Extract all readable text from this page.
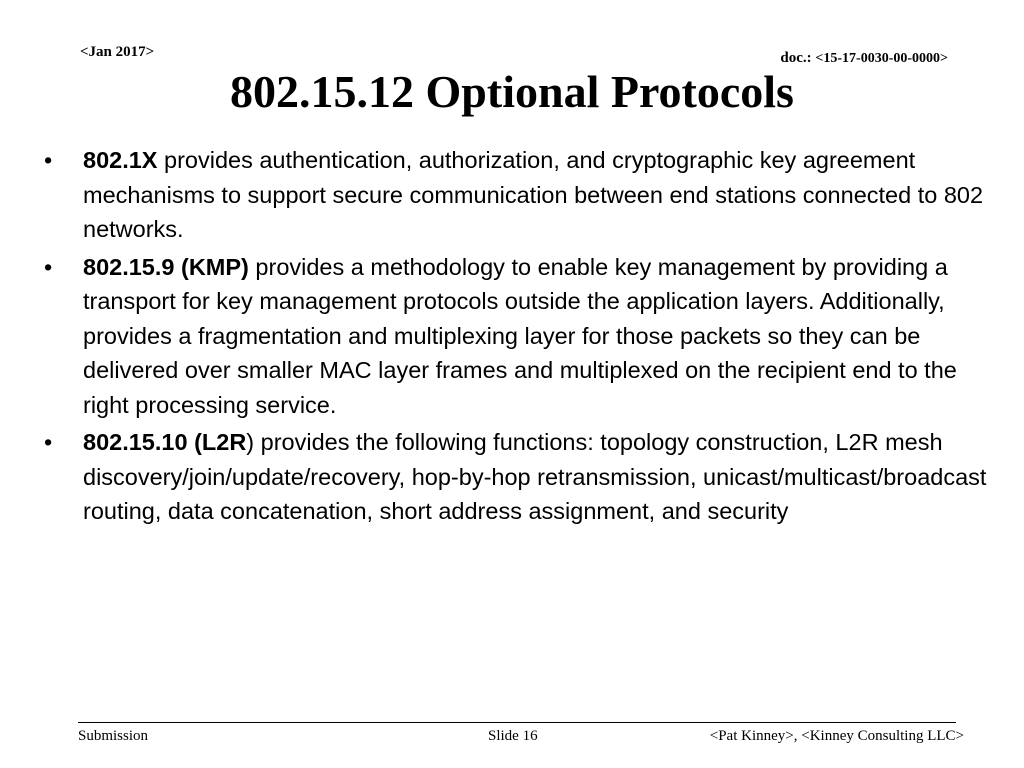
<Jan 2017>	doc.: <15-17-0030-00-0000>
802.15.12 Optional Protocols
• 802.1X provides authentication, authorization, and cryptographic key agreement mechanisms to support secure communication between end stations connected to 802 networks.
• 802.15.9 (KMP) provides a methodology to enable key management by providing a transport for key management protocols outside the application layers. Additionally, provides a fragmentation and multiplexing layer for those packets so they can be delivered over smaller MAC layer frames and multiplexed on the recipient end to the right processing service.
• 802.15.10 (L2R) provides the following functions: topology construction, L2R mesh discovery/join/update/recovery, hop-by-hop retransmission, unicast/multicast/broadcast routing, data concatenation, short address assignment, and security
Submission	Slide 16	<Pat Kinney>, <Kinney Consulting LLC>
